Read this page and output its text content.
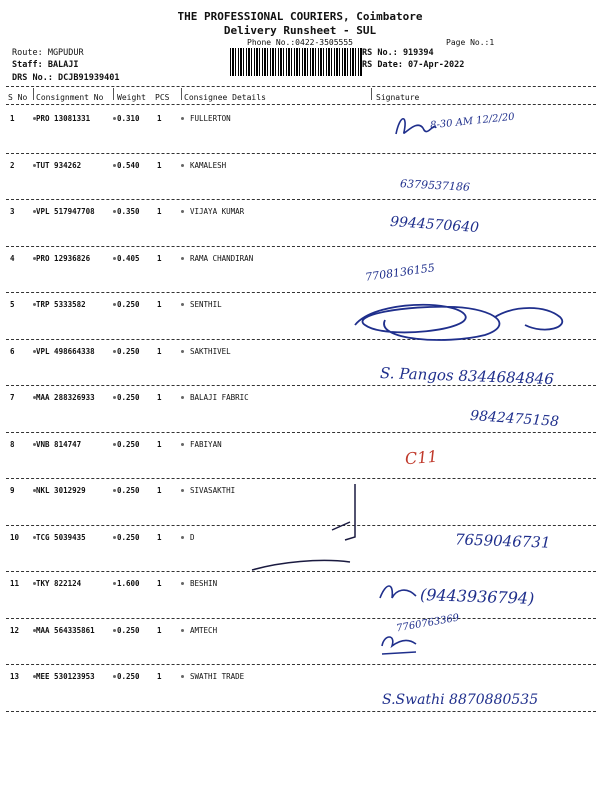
THE PROFESSIONAL COURIERS, Coimbatore
Delivery Runsheet - SUL
Phone No.:0422-3505555	Page No.:1
Route: MGPUDUR
Staff: BALAJI
DRS No.: DCJB91939401
RS No.: 919394
RS Date: 07-Apr-2022
S No Consignment No Weight PCS Consignee Details	Signature
1	PRO 13081331	0.310 1	FULLERTON	8-30 AM 12/2/20
2	TUT 934262	0.540 1	KAMALESH
6379537186
3	VPL 517947708	0.350 1	VIJAYA KUMAR
9944570640
4	PRO 12936826	0.405 1	RAMA CHANDIRAN
7708136155
5	TRP 5333582	0.250 1	SENTHIL
6	VPL 498664338	0.250 1	SAKTHIVEL
S. Pangos 8344684846
7	MAA 288326933	0.250 1	BALAJI FABRIC
9842475158
8	VNB 814747	0.250 1	FABIYAN
C11
9	NKL 3012929	0.250 1	SIVASAKTHI
10 TCG 5039435	0.250 1	D	7659046731
11 TKY 822124	1.600 1	BESHIN
(9443936794)
12 MAA 564335861	0.250 1	AMTECH	7760763369
13 MEE 530123953	0.250 1	SWATHI TRADE
S.Swathi 8870880535
